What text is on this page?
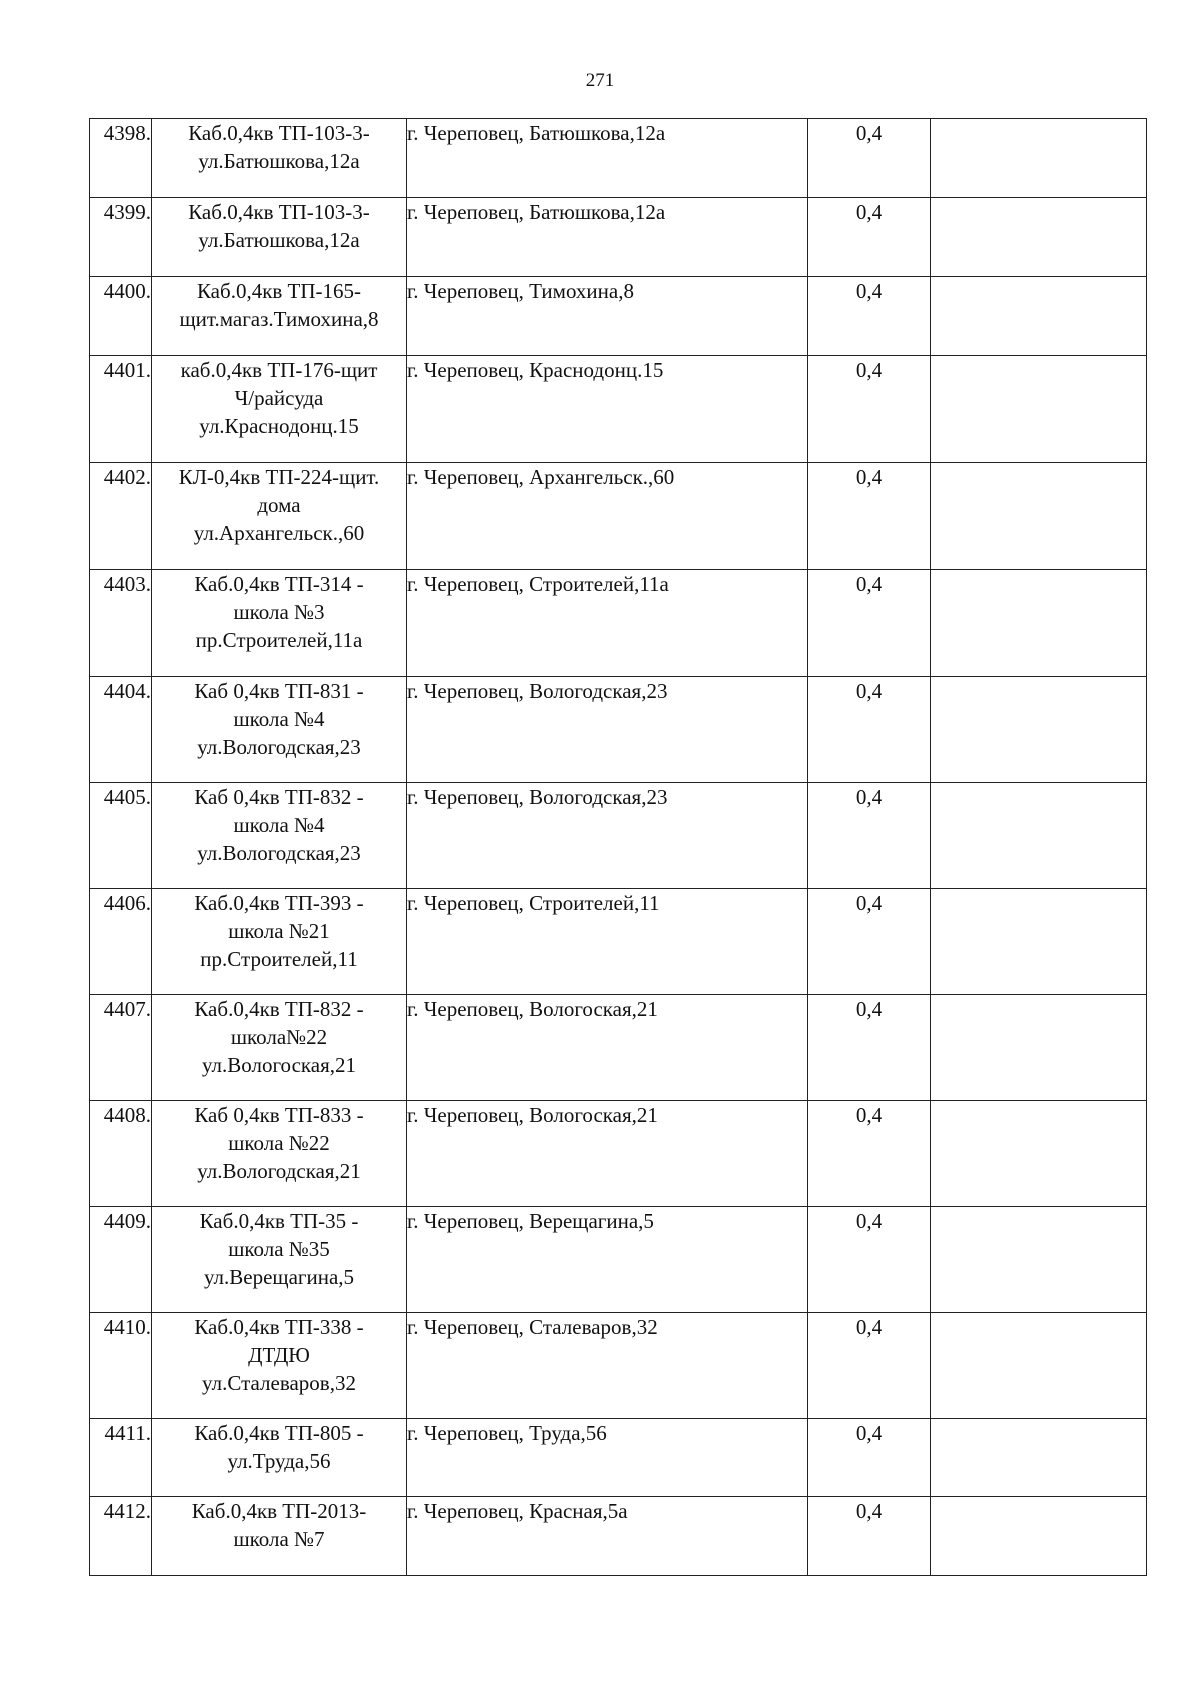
271
4398.	Каб.0,4кв ТП-103-3-
ул.Батюшкова,12а	г. Череповец, Батюшкова,12а	0,4	
4399.	Каб.0,4кв ТП-103-3-
ул.Батюшкова,12а	г. Череповец, Батюшкова,12а	0,4	
4400.	Каб.0,4кв ТП-165-
щит.магаз.Тимохина,8	г. Череповец, Тимохина,8	0,4	
4401.	каб.0,4кв ТП-176-щит
Ч/райсуда
ул.Краснодонц.15	г. Череповец, Краснодонц.15	0,4	
4402.	КЛ-0,4кв ТП-224-щит.
дома
ул.Архангельск.,60	г. Череповец, Архангельск.,60	0,4	
4403.	Каб.0,4кв ТП-314 -
школа №3
пр.Строителей,11а	г. Череповец, Строителей,11а	0,4	
4404.	Каб 0,4кв ТП-831 -
школа №4
ул.Вологодская,23	г. Череповец, Вологодская,23	0,4	
4405.	Каб 0,4кв ТП-832 -
школа №4
ул.Вологодская,23	г. Череповец, Вологодская,23	0,4	
4406.	Каб.0,4кв ТП-393 -
школа №21
пр.Строителей,11	г. Череповец, Строителей,11	0,4	
4407.	Каб.0,4кв ТП-832 -
школа№22
ул.Вологоская,21	г. Череповец, Вологоская,21	0,4	
4408.	Каб 0,4кв ТП-833 -
школа №22
ул.Вологодская,21	г. Череповец, Вологоская,21	0,4	
4409.	Каб.0,4кв ТП-35 -
школа №35
ул.Верещагина,5	г. Череповец, Верещагина,5	0,4	
4410.	Каб.0,4кв ТП-338 -
ДТДЮ
ул.Сталеваров,32	г. Череповец, Сталеваров,32	0,4	
4411.	Каб.0,4кв ТП-805 -
ул.Труда,56	г. Череповец, Труда,56	0,4	
4412.	Каб.0,4кв ТП-2013-
школа №7	г. Череповец, Красная,5а	0,4	
